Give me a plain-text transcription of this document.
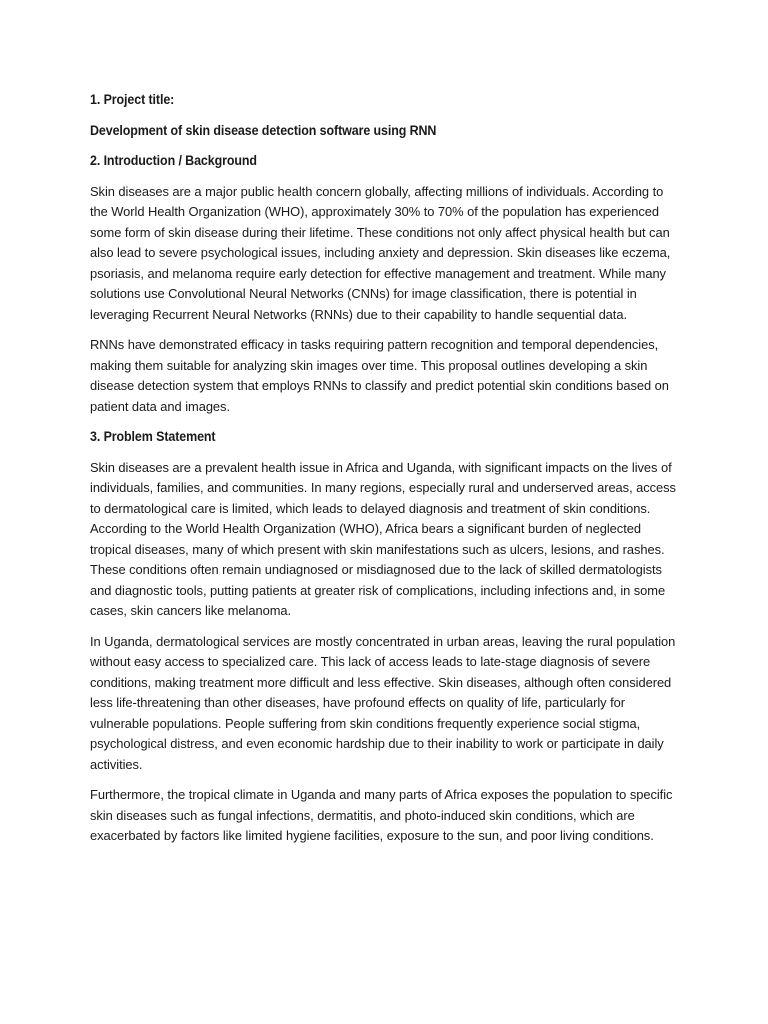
1. Project title:
Development of skin disease detection software using RNN
2. Introduction / Background

Skin diseases are a major public health concern globally, affecting millions of individuals. According to the World Health Organization (WHO), approximately 30% to 70% of the population has experienced some form of skin disease during their lifetime. These conditions not only affect physical health but can also lead to severe psychological issues, including anxiety and depression. Skin diseases like eczema, psoriasis, and melanoma require early detection for effective management and treatment. While many solutions use Convolutional Neural Networks (CNNs) for image classification, there is potential in leveraging Recurrent Neural Networks (RNNs) due to their capability to handle sequential data.

RNNs have demonstrated efficacy in tasks requiring pattern recognition and temporal dependencies, making them suitable for analyzing skin images over time. This proposal outlines developing a skin disease detection system that employs RNNs to classify and predict potential skin conditions based on patient data and images.

3. Problem Statement

Skin diseases are a prevalent health issue in Africa and Uganda, with significant impacts on the lives of individuals, families, and communities. In many regions, especially rural and underserved areas, access to dermatological care is limited, which leads to delayed diagnosis and treatment of skin conditions. According to the World Health Organization (WHO), Africa bears a significant burden of neglected tropical diseases, many of which present with skin manifestations such as ulcers, lesions, and rashes. These conditions often remain undiagnosed or misdiagnosed due to the lack of skilled dermatologists and diagnostic tools, putting patients at greater risk of complications, including infections and, in some cases, skin cancers like melanoma.

In Uganda, dermatological services are mostly concentrated in urban areas, leaving the rural population without easy access to specialized care. This lack of access leads to late-stage diagnosis of severe conditions, making treatment more difficult and less effective. Skin diseases, although often considered less life-threatening than other diseases, have profound effects on quality of life, particularly for vulnerable populations. People suffering from skin conditions frequently experience social stigma, psychological distress, and even economic hardship due to their inability to work or participate in daily activities.

Furthermore, the tropical climate in Uganda and many parts of Africa exposes the population to specific skin diseases such as fungal infections, dermatitis, and photo-induced skin conditions, which are exacerbated by factors like limited hygiene facilities, exposure to the sun, and poor living conditions.
